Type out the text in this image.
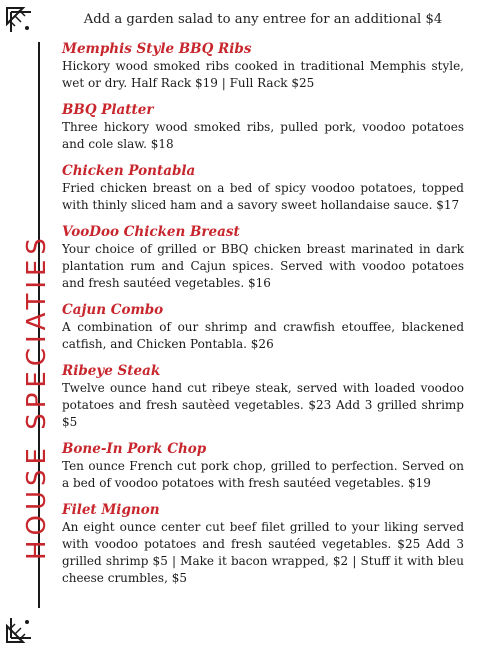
HOUSE SPECIATIES
Add a garden salad to any entree for an additional $4
Memphis Style BBQ Ribs
Hickory wood smoked ribs cooked in traditional Memphis style, wet or dry. Half Rack $19 | Full Rack $25
BBQ Platter
Three hickory wood smoked ribs, pulled pork, voodoo potatoes and cole slaw. $18
Chicken Pontabla
Fried chicken breast on a bed of spicy voodoo potatoes, topped with thinly sliced ham and a savory sweet hollandaise sauce. $17
VooDoo Chicken Breast
Your choice of grilled or BBQ chicken breast marinated in dark plantation rum and Cajun spices. Served with voodoo potatoes and fresh sautéed vegetables. $16
Cajun Combo
A combination of our shrimp and crawfish etouffee, blackened catfish, and Chicken Pontabla. $26
Ribeye Steak
Twelve ounce hand cut ribeye steak, served with loaded voodoo potatoes and fresh sautèed vegetables. $23 Add 3 grilled shrimp $5
Bone-In Pork Chop
Ten ounce French cut pork chop, grilled to perfection. Served on a bed of voodoo potatoes with fresh sautéed vegetables. $19
Filet Mignon
An eight ounce center cut beef filet grilled to your liking served with voodoo potatoes and fresh sautéed vegetables. $25 Add 3 grilled shrimp $5 | Make it bacon wrapped, $2 | Stuff it with bleu cheese crumbles, $5
